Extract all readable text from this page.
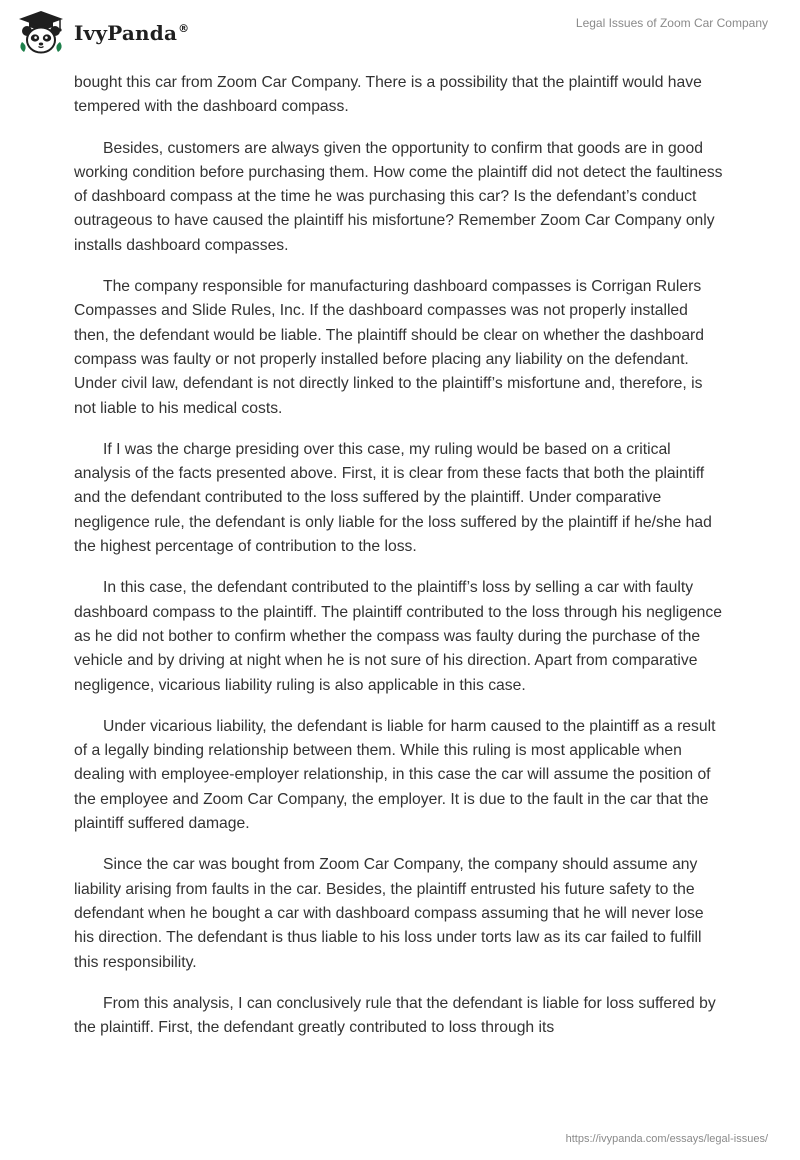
IvyPanda®	Legal Issues of Zoom Car Company

bought this car from Zoom Car Company. There is a possibility that the plaintiff would have tempered with the dashboard compass.

Besides, customers are always given the opportunity to confirm that goods are in good working condition before purchasing them. How come the plaintiff did not detect the faultiness of dashboard compass at the time he was purchasing this car? Is the defendant’s conduct outrageous to have caused the plaintiff his misfortune? Remember Zoom Car Company only installs dashboard compasses.

The company responsible for manufacturing dashboard compasses is Corrigan Rulers Compasses and Slide Rules, Inc. If the dashboard compasses was not properly installed then, the defendant would be liable. The plaintiff should be clear on whether the dashboard compass was faulty or not properly installed before placing any liability on the defendant. Under civil law, defendant is not directly linked to the plaintiff’s misfortune and, therefore, is not liable to his medical costs.

If I was the charge presiding over this case, my ruling would be based on a critical analysis of the facts presented above. First, it is clear from these facts that both the plaintiff and the defendant contributed to the loss suffered by the plaintiff. Under comparative negligence rule, the defendant is only liable for the loss suffered by the plaintiff if he/she had the highest percentage of contribution to the loss.

In this case, the defendant contributed to the plaintiff’s loss by selling a car with faulty dashboard compass to the plaintiff. The plaintiff contributed to the loss through his negligence as he did not bother to confirm whether the compass was faulty during the purchase of the vehicle and by driving at night when he is not sure of his direction. Apart from comparative negligence, vicarious liability ruling is also applicable in this case.

Under vicarious liability, the defendant is liable for harm caused to the plaintiff as a result of a legally binding relationship between them. While this ruling is most applicable when dealing with employee-employer relationship, in this case the car will assume the position of the employee and Zoom Car Company, the employer. It is due to the fault in the car that the plaintiff suffered damage.

Since the car was bought from Zoom Car Company, the company should assume any liability arising from faults in the car. Besides, the plaintiff entrusted his future safety to the defendant when he bought a car with dashboard compass assuming that he will never lose his direction. The defendant is thus liable to his loss under torts law as its car failed to fulfill this responsibility.

From this analysis, I can conclusively rule that the defendant is liable for loss suffered by the plaintiff. First, the defendant greatly contributed to loss through its

https://ivypanda.com/essays/legal-issues/
